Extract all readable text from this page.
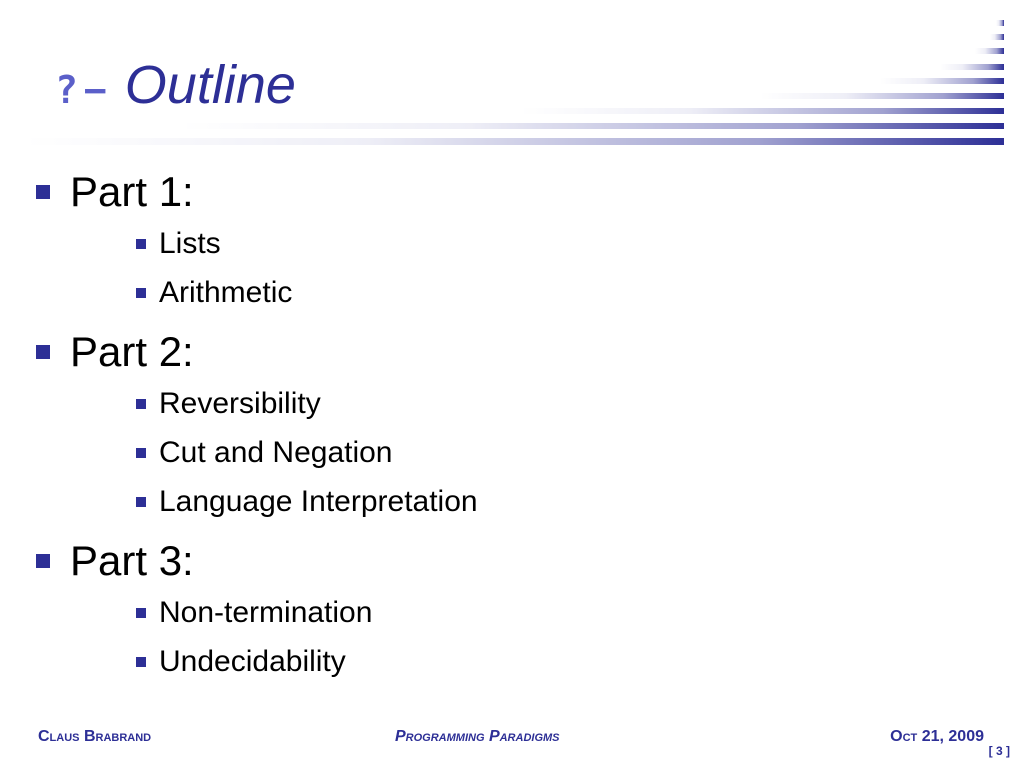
? − Outline
Part 1:
Lists
Arithmetic
Part 2:
Reversibility
Cut and Negation
Language Interpretation
Part 3:
Non-termination
Undecidability
Claus Brabrand	Programming Paradigms	Oct 21, 2009
[ 3 ]
